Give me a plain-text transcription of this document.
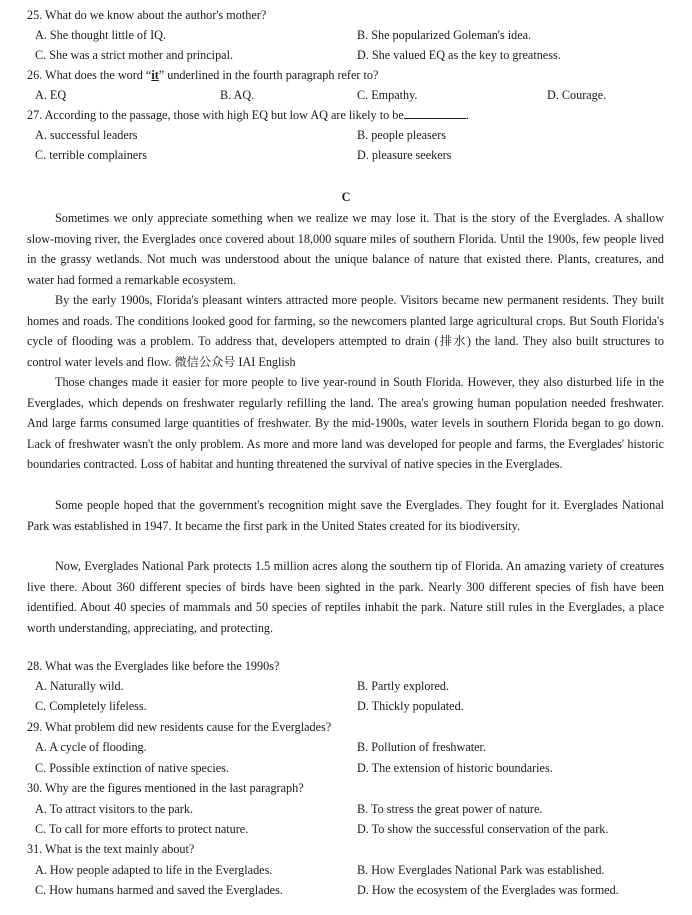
25. What do we know about the author's mother?
A. She thought little of IQ.	B. She popularized Goleman's idea.
C. She was a strict mother and principal.	D. She valued EQ as the key to greatness.
26. What does the word “it” underlined in the fourth paragraph refer to?
A. EQ	B. AQ.	C. Empathy.	D. Courage.
27. According to the passage, those with high EQ but low AQ are likely to be	.
A. successful leaders	B. people pleasers
C. terrible complainers	D. pleasure seekers
C

Sometimes we only appreciate something when we realize we may lose it. That is the story of the Everglades. A shallow slow-moving river, the Everglades once covered about 18,000 square miles of southern Florida. Until the 1900s, few people lived in the grassy wetlands. Not much was understood about the unique balance of nature that existed there. Plants, creatures, and water had formed a remarkable ecosystem.

By the early 1900s, Florida's pleasant winters attracted more people. Visitors became new permanent residents. They built homes and roads. The conditions looked good for farming, so the newcomers planted large agricultural crops. But South Florida's cycle of flooding was a problem. To address that, developers attempted to drain (排水) the land. They also built structures to control water levels and flow. 微信公众号 IAI English

Those changes made it easier for more people to live year-round in South Florida. However, they also disturbed life in the Everglades, which depends on freshwater regularly refilling the land. The area's growing human population needed freshwater. And large farms consumed large quantities of freshwater. By the mid-1900s, water levels in southern Florida began to go down. Lack of freshwater wasn't the only problem. As more and more land was developed for people and farms, the Everglades' historic boundaries contracted. Loss of habitat and hunting threatened the survival of native species in the Everglades.

Some people hoped that the government's recognition might save the Everglades. They fought for it. Everglades National Park was established in 1947. It became the first park in the United States created for its biodiversity.

Now, Everglades National Park protects 1.5 million acres along the southern tip of Florida. An amazing variety of creatures live there. About 360 different species of birds have been sighted in the park. Nearly 300 different species of fish have been identified. About 40 species of mammals and 50 species of reptiles inhabit the park. Nature still rules in the Everglades, a place worth understanding, appreciating, and protecting.

28. What was the Everglades like before the 1990s?
A. Naturally wild.	B. Partly explored.
C. Completely lifeless.	D. Thickly populated.
29. What problem did new residents cause for the Everglades?
A. A cycle of flooding.	B. Pollution of freshwater.
C. Possible extinction of native species.	D. The extension of historic boundaries.
30. Why are the figures mentioned in the last paragraph?
A. To attract visitors to the park.	B. To stress the great power of nature.
C. To call for more efforts to protect nature.	D. To show the successful conservation of the park.
31. What is the text mainly about?
A. How people adapted to life in the Everglades.	B. How Everglades National Park was established.
C. How humans harmed and saved the Everglades.	D. How the ecosystem of the Everglades was formed.
